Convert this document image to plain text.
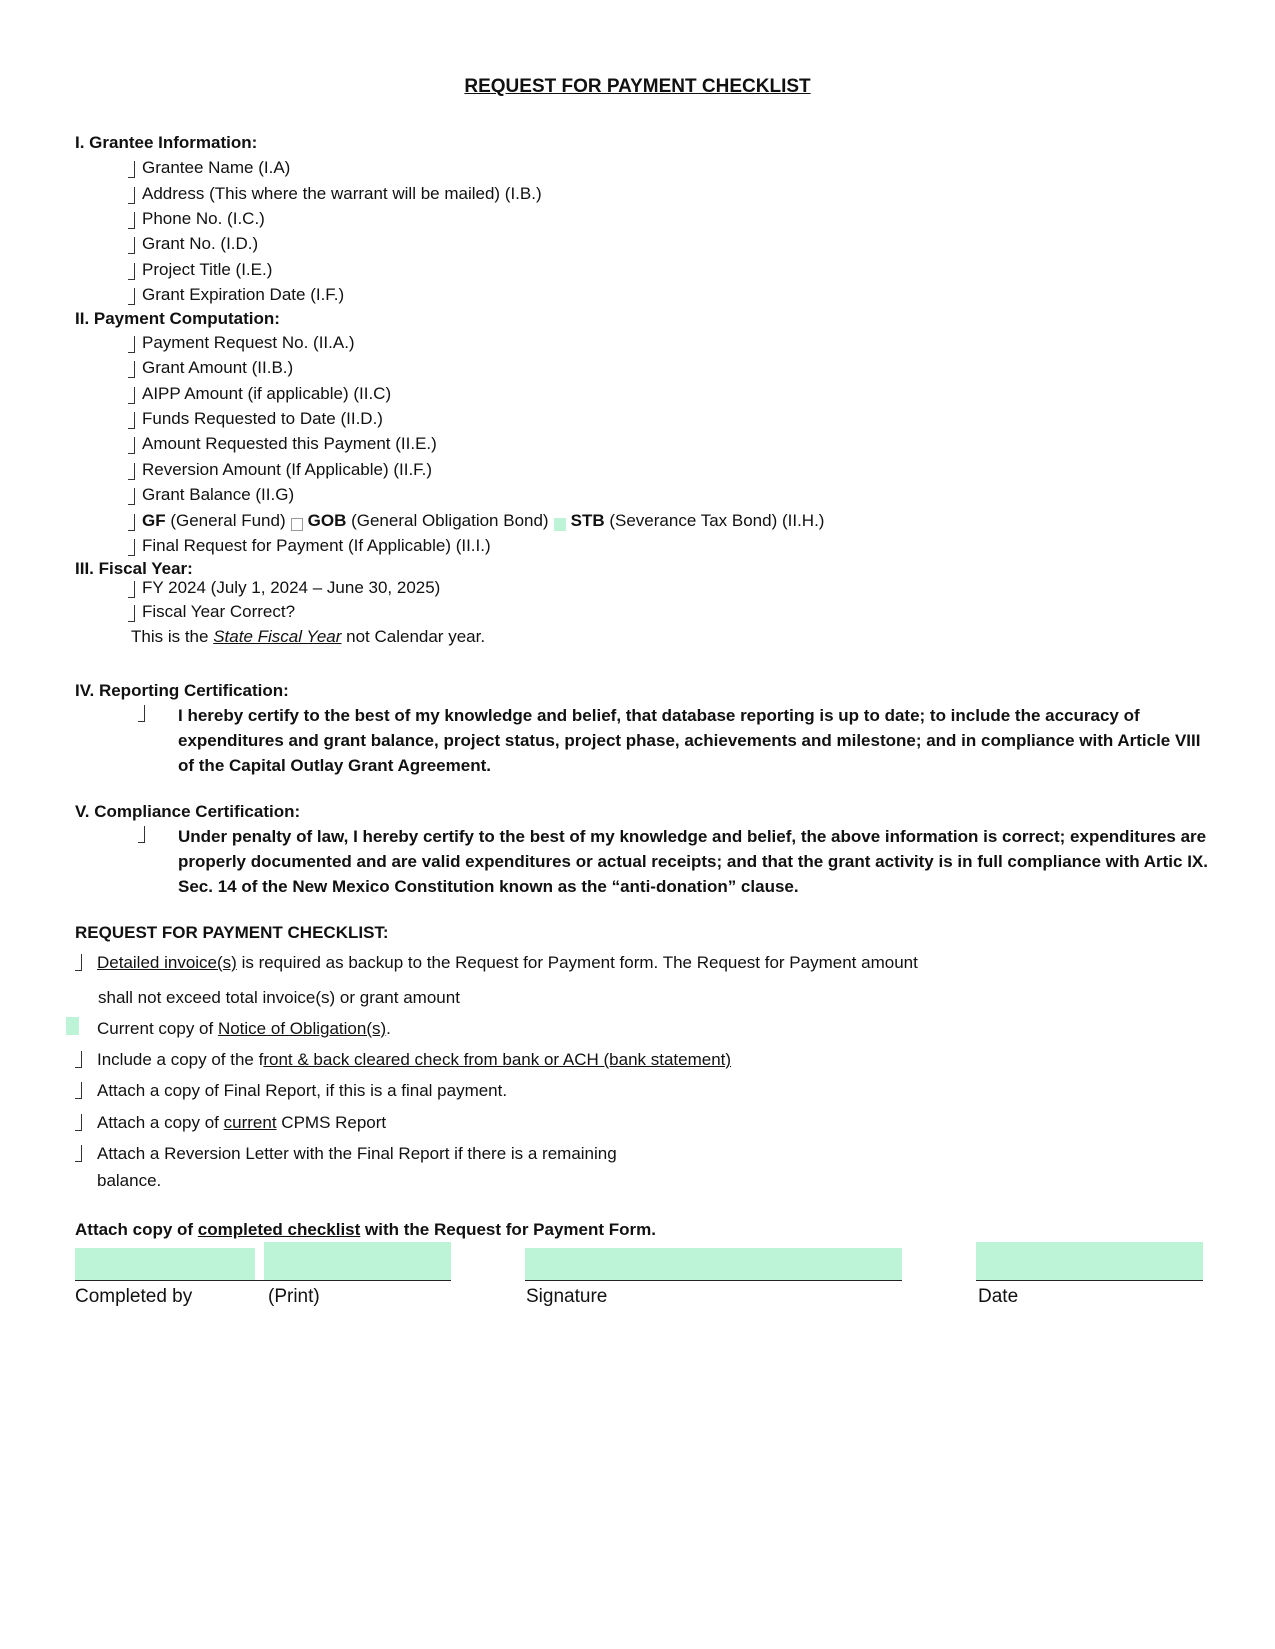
REQUEST FOR PAYMENT CHECKLIST
I. Grantee Information:
Grantee Name (I.A)
Address (This where the warrant will be mailed) (I.B.)
Phone No. (I.C.)
Grant No. (I.D.)
Project Title (I.E.)
Grant Expiration Date (I.F.)
II. Payment Computation:
Payment Request No. (II.A.)
Grant Amount (II.B.)
AIPP Amount (if applicable) (II.C)
Funds Requested to Date (II.D.)
Amount Requested this Payment (II.E.)
Reversion Amount (If Applicable) (II.F.)
Grant Balance (II.G)
GF
(General Fund) GOB
(General Obligation Bond) STB
(Severance Tax Bond) (II.H.)
Final Request for Payment (If Applicable) (II.I.)
III. Fiscal Year:
FY 2024 (July 1, 2024 – June 30, 2025)
Fiscal Year Correct?
This is the State Fiscal Year not Calendar year.
IV. Reporting Certification:
I hereby certify to the best of my knowledge and belief, that database reporting is up to date; to include the accuracy of expenditures and grant balance, project status, project phase, achievements and milestone; and in compliance with Article VIII of the Capital Outlay Grant Agreement.
V. Compliance Certification:
Under penalty of law, I hereby certify to the best of my knowledge and belief, the above information is correct; expenditures are properly documented and are valid expenditures or actual receipts; and that the grant activity is in full compliance with Artic IX. Sec. 14 of the New Mexico Constitution known as the “anti-donation” clause.
REQUEST FOR PAYMENT CHECKLIST:
Detailed invoice(s) is required as backup to the Request for Payment form. The Request for Payment amount
shall not exceed total invoice(s) or grant amount
Current copy of Notice of Obligation(s).
Include a copy of the front & back cleared check from bank or ACH (bank statement)
Attach a copy of Final Report, if this is a final payment.
Attach a copy of current CPMS Report
Attach a Reversion Letter with the Final Report if there is a remaining
balance.
Attach copy of completed checklist with the Request for Payment Form.
Completed by	(Print)	Signature	Date
